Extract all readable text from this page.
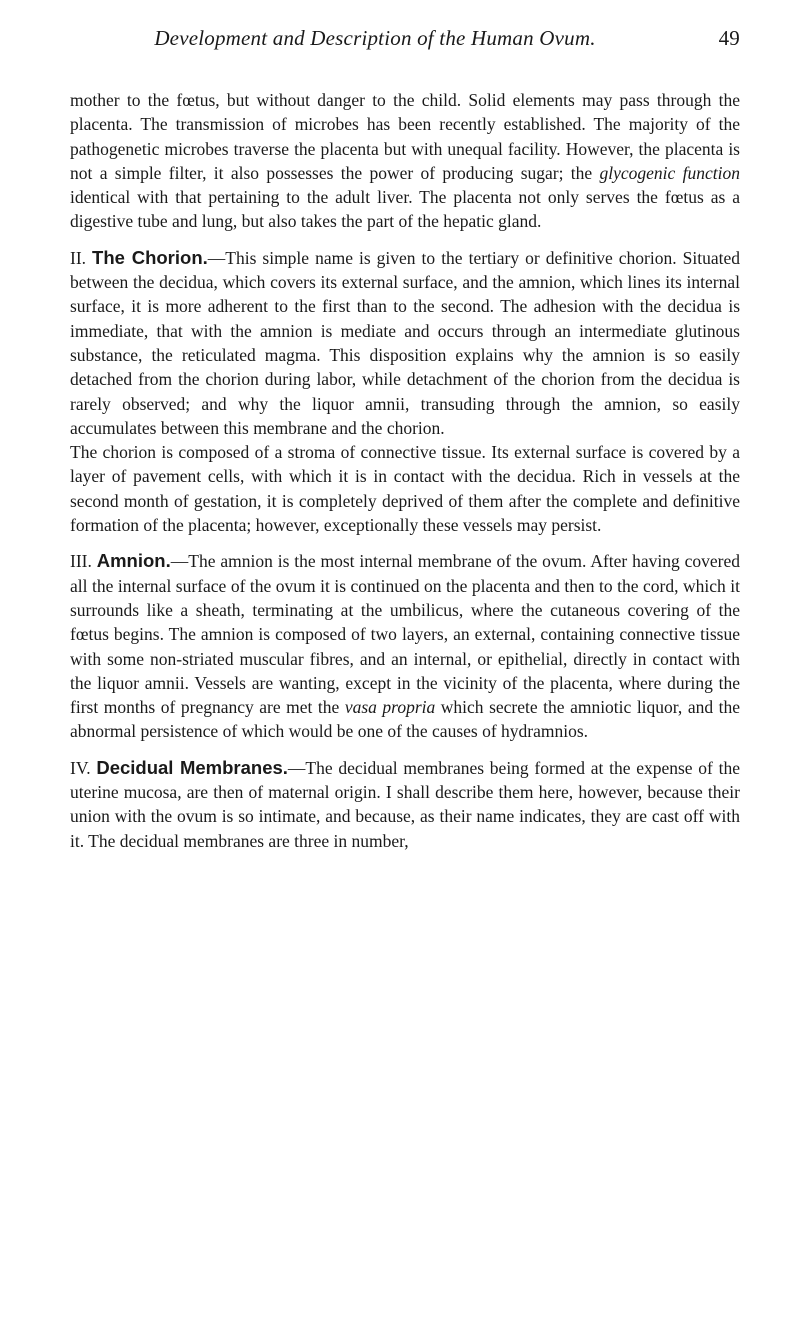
Development and Description of the Human Ovum.	49

mother to the fœtus, but without danger to the child. Solid elements may pass through the placenta. The transmission of microbes has been recently established. The majority of the pathogenetic microbes traverse the placenta but with unequal facility. However, the placenta is not a simple filter, it also possesses the power of producing sugar; the glycogenic function identical with that pertaining to the adult liver. The placenta not only serves the fœtus as a digestive tube and lung, but also takes the part of the hepatic gland.

II. The Chorion.—This simple name is given to the tertiary or definitive chorion. Situated between the decidua, which covers its external surface, and the amnion, which lines its internal surface, it is more adherent to the first than to the second. The adhesion with the decidua is immediate, that with the amnion is mediate and occurs through an intermediate glutinous substance, the reticulated magma. This disposition explains why the amnion is so easily detached from the chorion during labor, while detachment of the chorion from the decidua is rarely observed; and why the liquor amnii, transuding through the amnion, so easily accumulates between this membrane and the chorion.

The chorion is composed of a stroma of connective tissue. Its external surface is covered by a layer of pavement cells, with which it is in contact with the decidua. Rich in vessels at the second month of gestation, it is completely deprived of them after the complete and definitive formation of the placenta; however, exceptionally these vessels may persist.

III. Amnion.—The amnion is the most internal membrane of the ovum. After having covered all the internal surface of the ovum it is continued on the placenta and then to the cord, which it surrounds like a sheath, terminating at the umbilicus, where the cutaneous covering of the fœtus begins. The amnion is composed of two layers, an external, containing connective tissue with some non-striated muscular fibres, and an internal, or epithelial, directly in contact with the liquor amnii. Vessels are wanting, except in the vicinity of the placenta, where during the first months of pregnancy are met the vasa propria which secrete the amniotic liquor, and the abnormal persistence of which would be one of the causes of hydramnios.

IV. Decidual Membranes.—The decidual membranes being formed at the expense of the uterine mucosa, are then of maternal origin. I shall describe them here, however, because their union with the ovum is so intimate, and because, as their name indicates, they are cast off with it. The decidual membranes are three in number,
